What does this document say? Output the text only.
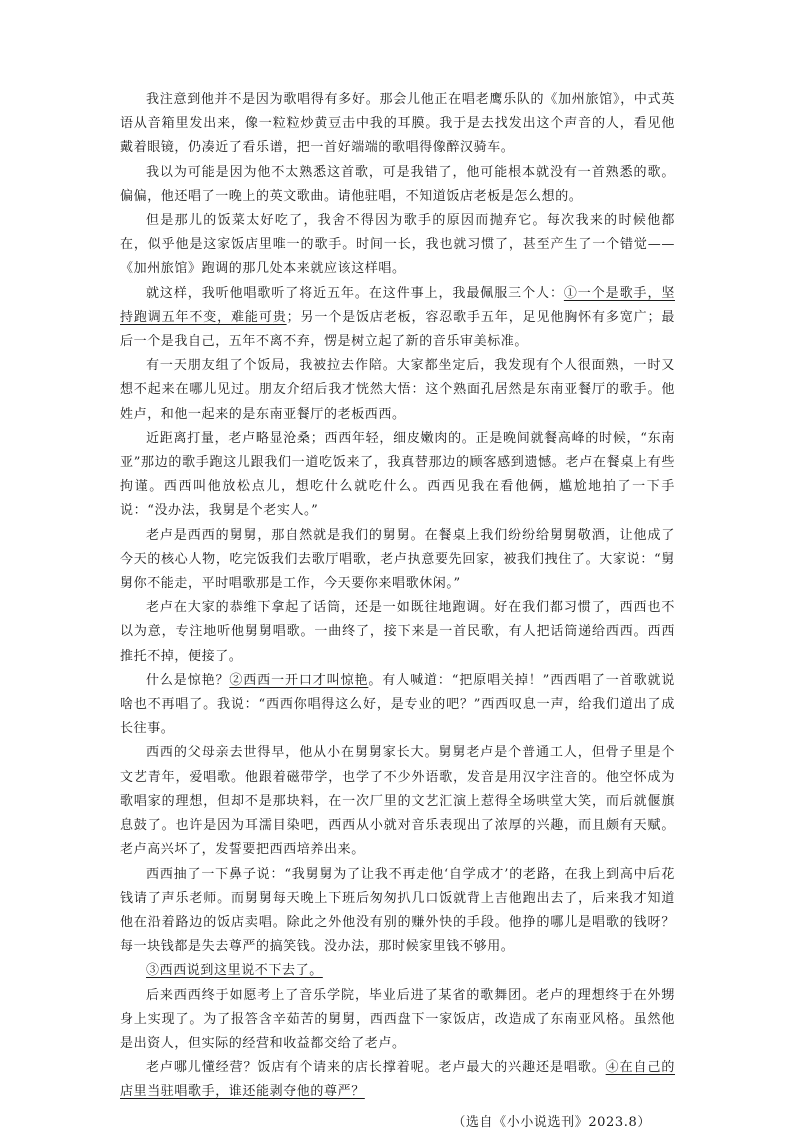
我注意到他并不是因为歌唱得有多好。那会儿他正在唱老鹰乐队的《加州旅馆》，中式英语从音箱里发出来，像一粒粒炒黄豆击中我的耳膜。我于是去找发出这个声音的人，看见他戴着眼镜，仍凑近了看乐谱，把一首好端端的歌唱得像醉汉骑车。

我以为可能是因为他不太熟悉这首歌，可是我错了，他可能根本就没有一首熟悉的歌。偏偏，他还唱了一晚上的英文歌曲。请他驻唱，不知道饭店老板是怎么想的。

但是那儿的饭菜太好吃了，我舍不得因为歌手的原因而抛弃它。每次我来的时候他都在，似乎他是这家饭店里唯一的歌手。时间一长，我也就习惯了，甚至产生了一个错觉——《加州旅馆》跑调的那几处本来就应该这样唱。

就这样，我听他唱歌听了将近五年。在这件事上，我最佩服三个人：①一个是歌手，坚持跑调五年不变，难能可贵；另一个是饭店老板，容忍歌手五年，足见他胸怀有多宽广；最后一个是我自己，五年不离不弃，愣是树立起了新的音乐审美标准。

有一天朋友组了个饭局，我被拉去作陪。大家都坐定后，我发现有个人很面熟，一时又想不起来在哪儿见过。朋友介绍后我才恍然大悟：这个熟面孔居然是东南亚餐厅的歌手。他姓卢，和他一起来的是东南亚餐厅的老板西西。

近距离打量，老卢略显沧桑；西西年轻，细皮嫩肉的。正是晚间就餐高峰的时候，“东南亚”那边的歌手跑这儿跟我们一道吃饭来了，我真替那边的顾客感到遗憾。老卢在餐桌上有些拘谨。西西叫他放松点儿，想吃什么就吃什么。西西见我在看他俩，尴尬地拍了一下手说：“没办法，我舅是个老实人。”

老卢是西西的舅舅，那自然就是我们的舅舅。在餐桌上我们纷纷给舅舅敬酒，让他成了今天的核心人物，吃完饭我们去歌厅唱歌，老卢执意要先回家，被我们拽住了。大家说：“舅舅你不能走，平时唱歌那是工作，今天要你来唱歌休闲。”

老卢在大家的恭维下拿起了话筒，还是一如既往地跑调。好在我们都习惯了，西西也不以为意，专注地听他舅舅唱歌。一曲终了，接下来是一首民歌，有人把话筒递给西西。西西推托不掉，便接了。

什么是惊艳？②西西一开口才叫惊艳。有人喊道：“把原唱关掉！”西西唱了一首歌就说啥也不再唱了。我说：“西西你唱得这么好，是专业的吧？”西西叹息一声，给我们道出了成长往事。

西西的父母亲去世得早，他从小在舅舅家长大。舅舅老卢是个普通工人，但骨子里是个文艺青年，爱唱歌。他跟着磁带学，也学了不少外语歌，发音是用汉字注音的。他空怀成为歌唱家的理想，但却不是那块料，在一次厂里的文艺汇演上惹得全场哄堂大笑，而后就偃旗息鼓了。也许是因为耳濡目染吧，西西从小就对音乐表现出了浓厚的兴趣，而且颇有天赋。老卢高兴坏了，发誓要把西西培养出来。

西西抽了一下鼻子说：“我舅舅为了让我不再走他‘自学成才’的老路，在我上到高中后花钱请了声乐老师。而舅舅每天晚上下班后匆匆扒几口饭就背上吉他跑出去了，后来我才知道他在沿着路边的饭店卖唱。除此之外他没有别的赚外快的手段。他挣的哪儿是唱歌的钱呀？每一块钱都是失去尊严的搞笑钱。没办法，那时候家里钱不够用。

③西西说到这里说不下去了。

后来西西终于如愿考上了音乐学院，毕业后进了某省的歌舞团。老卢的理想终于在外甥身上实现了。为了报答含辛茹苦的舅舅，西西盘下一家饭店，改造成了东南亚风格。虽然他是出资人，但实际的经营和收益都交给了老卢。

老卢哪儿懂经营？饭店有个请来的店长撑着呢。老卢最大的兴趣还是唱歌。④在自己的店里当驻唱歌手，谁还能剥夺他的尊严？

（选自《小小说选刊》2023.8）
